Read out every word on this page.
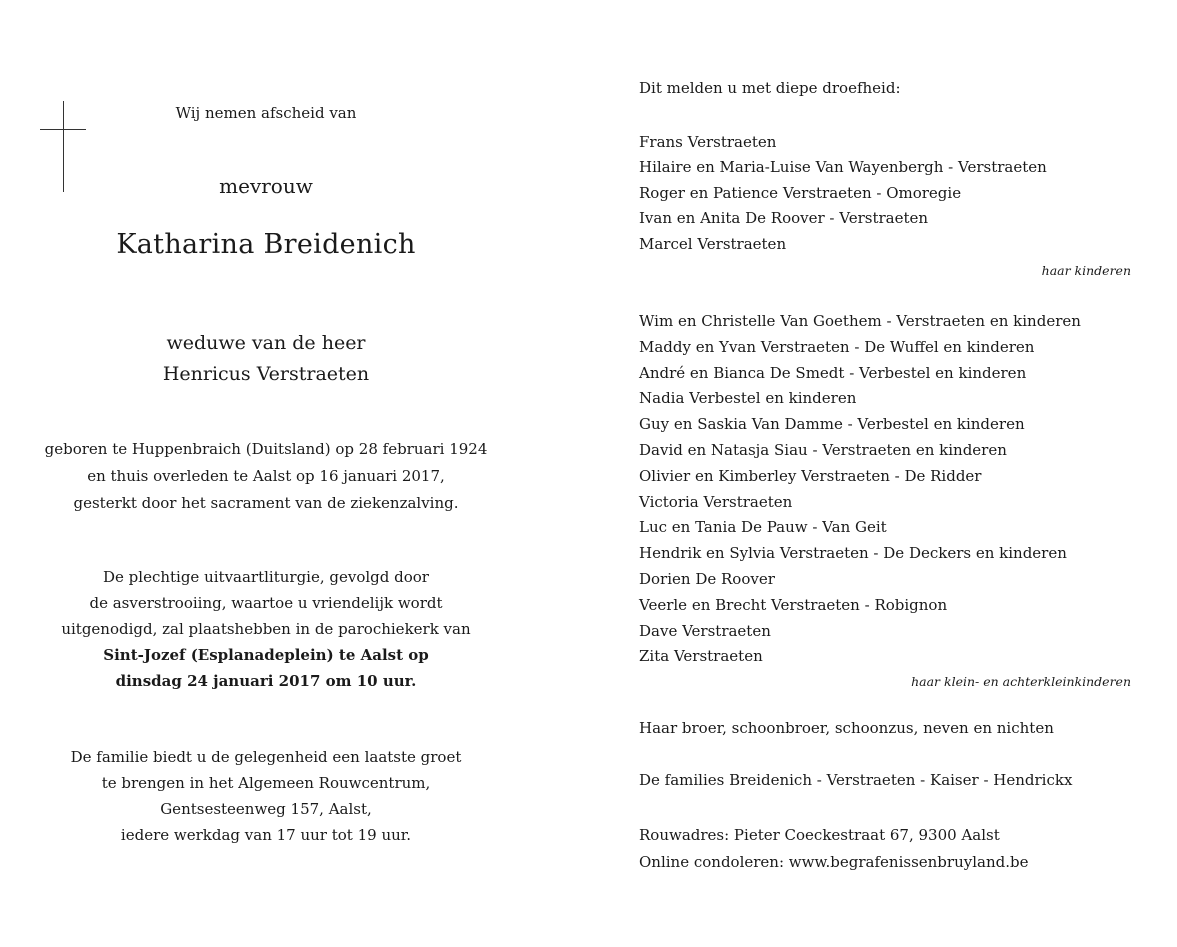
Wij nemen afscheid van
mevrouw
Katharina Breidenich
weduwe van de heer
Henricus Verstraeten
geboren te Huppenbraich (Duitsland) op 28 februari 1924
en thuis overleden te Aalst op 16 januari 2017,
gesterkt door het sacrament van de ziekenzalving.
De plechtige uitvaartliturgie, gevolgd door
de asverstrooiing, waartoe u vriendelijk wordt
uitgenodigd, zal plaatshebben in de parochiekerk van
Sint-Jozef (Esplanadeplein) te Aalst op
dinsdag 24 januari 2017 om 10 uur.
De familie biedt u de gelegenheid een laatste groet
te brengen in het Algemeen Rouwcentrum,
Gentsesteenweg 157, Aalst,
iedere werkdag van 17 uur tot 19 uur.
Dit melden u met diepe droefheid:
Frans Verstraeten
Hilaire en Maria-Luise Van Wayenbergh - Verstraeten
Roger en Patience Verstraeten - Omoregie
Ivan en Anita De Roover - Verstraeten
Marcel Verstraeten
haar kinderen
Wim en Christelle Van Goethem - Verstraeten en kinderen
Maddy en Yvan Verstraeten - De Wuffel en kinderen
André en Bianca De Smedt - Verbestel en kinderen
Nadia Verbestel en kinderen
Guy en Saskia Van Damme - Verbestel en kinderen
David en Natasja Siau - Verstraeten en kinderen
Olivier en Kimberley Verstraeten - De Ridder
Victoria Verstraeten
Luc en Tania De Pauw - Van Geit
Hendrik en Sylvia Verstraeten - De Deckers en kinderen
Dorien De Roover
Veerle en Brecht Verstraeten - Robignon
Dave Verstraeten
Zita Verstraeten
haar klein- en achterkleinkinderen
Haar broer, schoonbroer, schoonzus, neven en nichten
De families Breidenich - Verstraeten - Kaiser - Hendrickx
Rouwadres: Pieter Coeckestraat 67, 9300 Aalst
Online condoleren: www.begrafenissenbruyland.be
